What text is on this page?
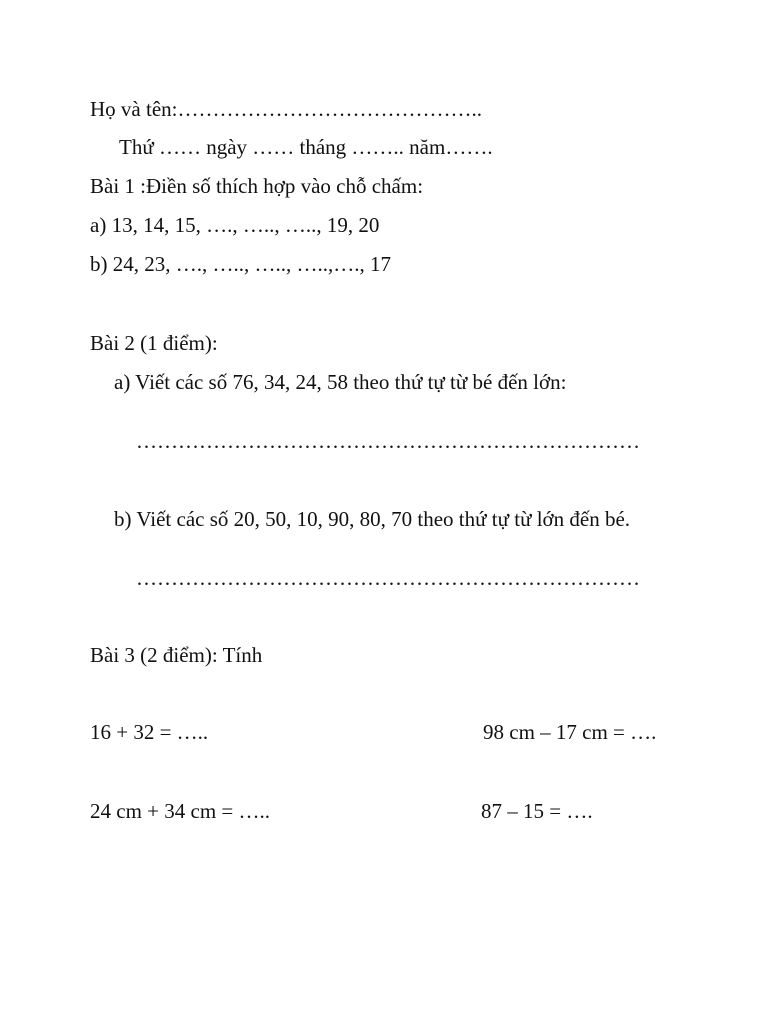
Họ và tên:……………………………………..
Thứ …… ngày …… tháng …….. năm…….
Bài 1 :Điền số thích hợp vào chỗ chấm:
a) 13, 14, 15, …., ….., ….., 19, 20
b) 24, 23, …., ….., ….., …..,…., 17
Bài 2 (1 điểm):
a) Viết các số 76, 34, 24, 58 theo thứ tự từ bé đến lớn:
………………………………………………………………
b) Viết các số 20, 50, 10, 90, 80, 70 theo thứ tự từ lớn đến bé.
………………………………………………………………
Bài 3 (2 điểm): Tính
16 + 32 = …..	98 cm – 17 cm = ….
24 cm + 34 cm = …..	87 – 15 = ….
